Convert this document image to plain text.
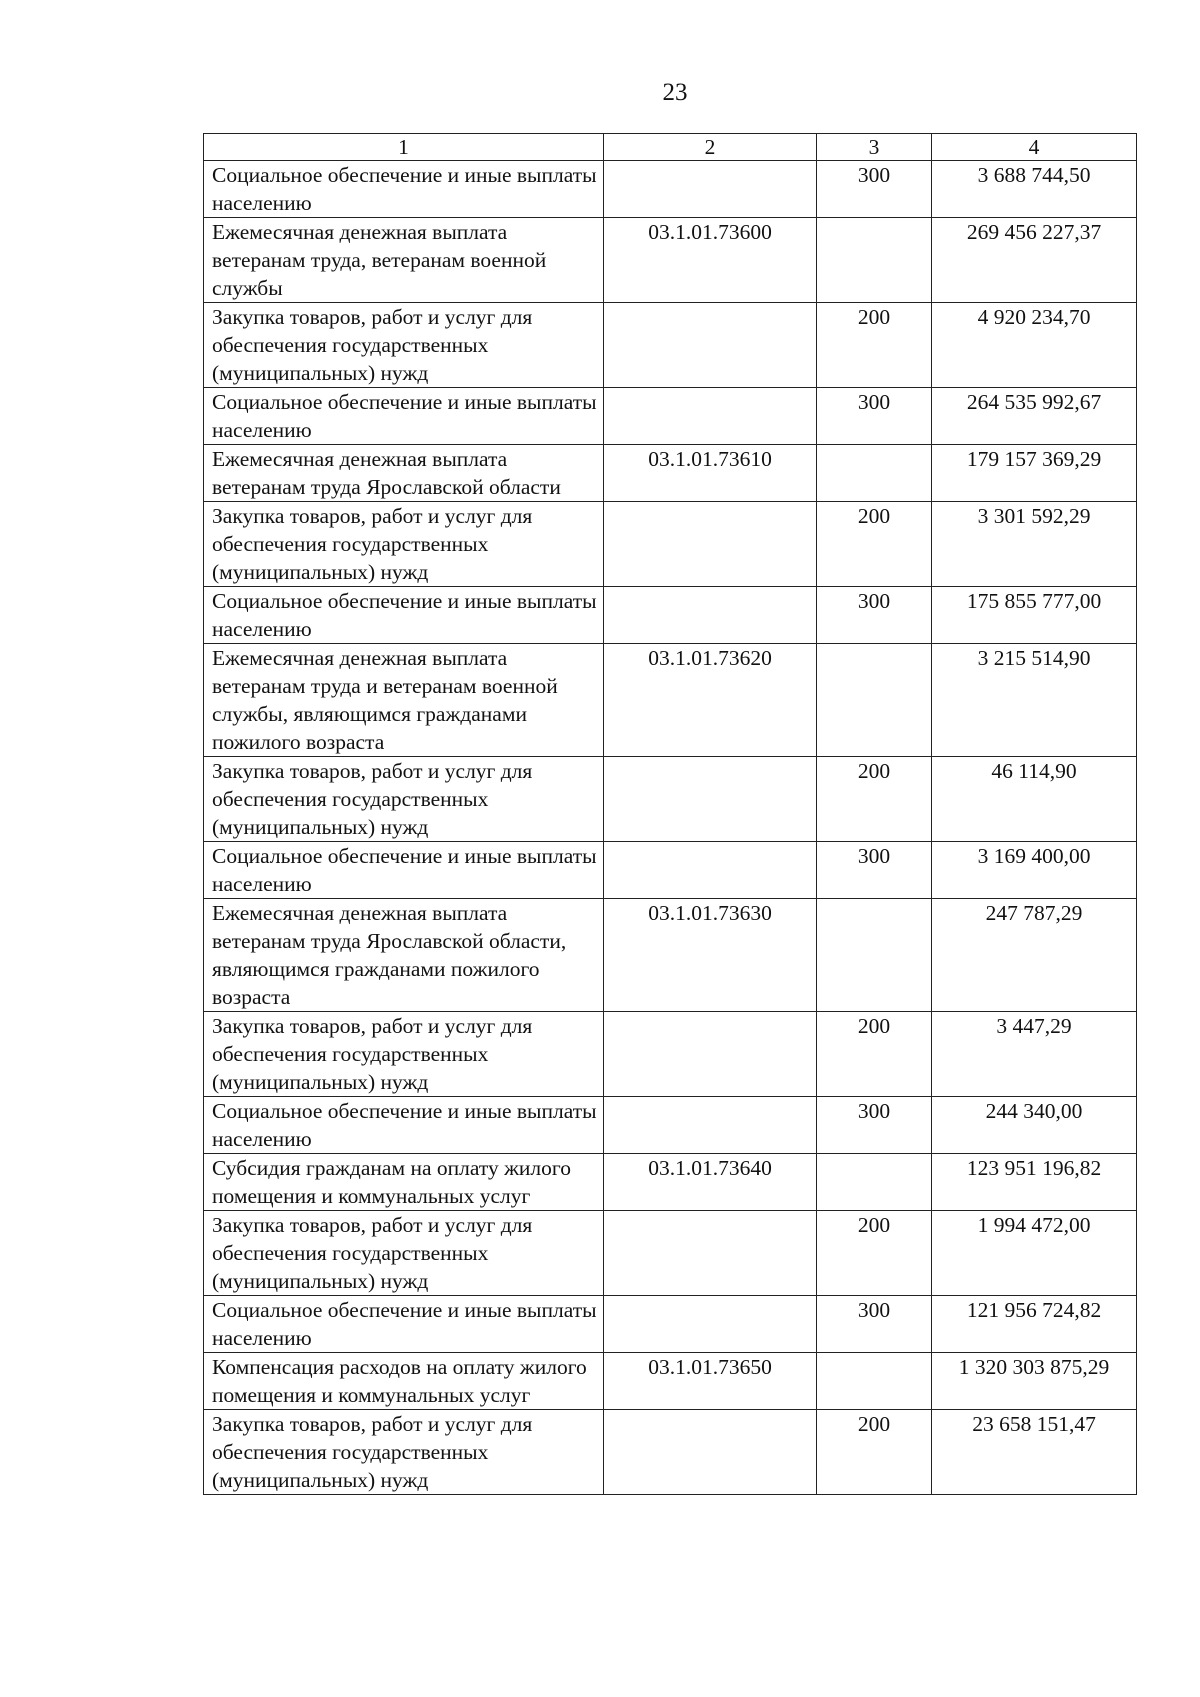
23
1	2	3	4
Социальное обеспечение и иные выплаты населению		300	3 688 744,50
Ежемесячная денежная выплата ветеранам труда, ветеранам военной службы	03.1.01.73600		269 456 227,37
Закупка товаров, работ и услуг для обеспечения государственных (муниципальных) нужд		200	4 920 234,70
Социальное обеспечение и иные выплаты населению		300	264 535 992,67
Ежемесячная денежная выплата ветеранам труда Ярославской области	03.1.01.73610		179 157 369,29
Закупка товаров, работ и услуг для обеспечения государственных (муниципальных) нужд		200	3 301 592,29
Социальное обеспечение и иные выплаты населению		300	175 855 777,00
Ежемесячная денежная выплата ветеранам труда и ветеранам военной службы, являющимся гражданами пожилого возраста	03.1.01.73620		3 215 514,90
Закупка товаров, работ и услуг для обеспечения государственных (муниципальных) нужд		200	46 114,90
Социальное обеспечение и иные выплаты населению		300	3 169 400,00
Ежемесячная денежная выплата ветеранам труда Ярославской области, являющимся гражданами пожилого возраста	03.1.01.73630		247 787,29
Закупка товаров, работ и услуг для обеспечения государственных (муниципальных) нужд		200	3 447,29
Социальное обеспечение и иные выплаты населению		300	244 340,00
Субсидия гражданам на оплату жилого помещения и коммунальных услуг	03.1.01.73640		123 951 196,82
Закупка товаров, работ и услуг для обеспечения государственных (муниципальных) нужд		200	1 994 472,00
Социальное обеспечение и иные выплаты населению		300	121 956 724,82
Компенсация расходов на оплату жилого помещения и коммунальных услуг	03.1.01.73650		1 320 303 875,29
Закупка товаров, работ и услуг для обеспечения государственных (муниципальных) нужд		200	23 658 151,47
